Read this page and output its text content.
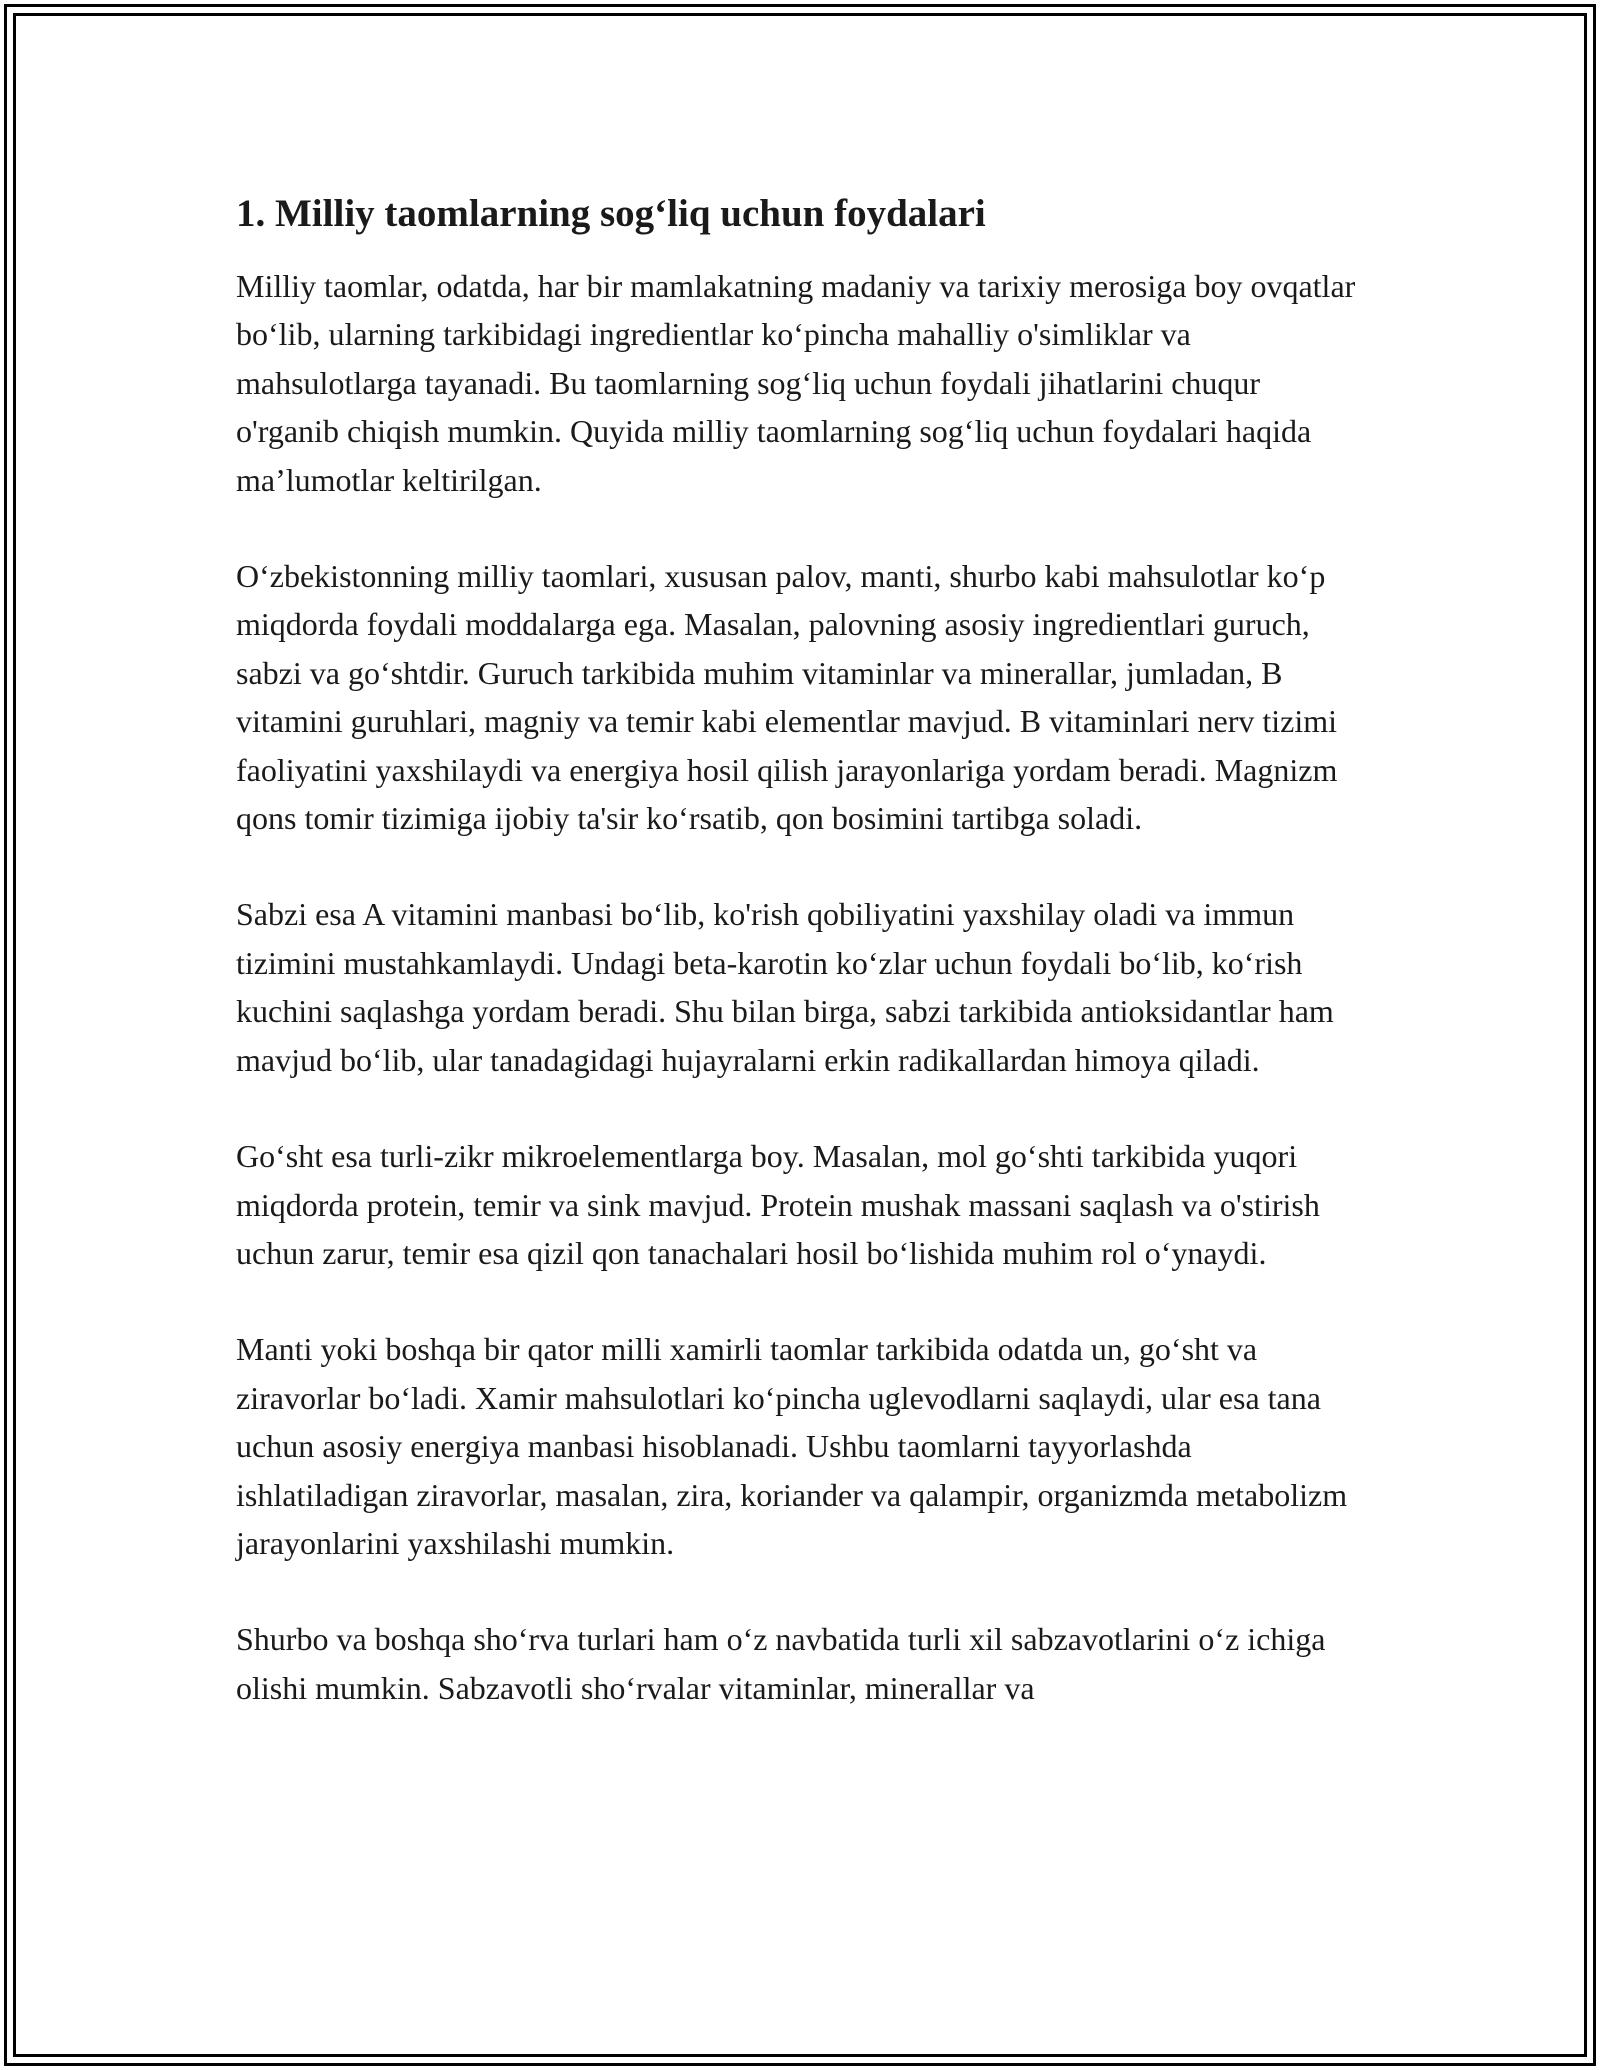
1. Milliy taomlarning sog‘liq uchun foydalari

Milliy taomlar, odatda, har bir mamlakatning madaniy va tarixiy merosiga boy ovqatlar bo‘lib, ularning tarkibidagi ingredientlar ko‘pincha mahalliy o'simliklar va mahsulotlarga tayanadi. Bu taomlarning sog‘liq uchun foydali jihatlarini chuqur o'rganib chiqish mumkin. Quyida milliy taomlarning sog‘liq uchun foydalari haqida ma’lumotlar keltirilgan.

O‘zbekistonning milliy taomlari, xususan palov, manti, shurbo kabi mahsulotlar ko‘p miqdorda foydali moddalarga ega. Masalan, palovning asosiy ingredientlari guruch, sabzi va go‘shtdir. Guruch tarkibida muhim vitaminlar va minerallar, jumladan, B vitamini guruhlari, magniy va temir kabi elementlar mavjud. B vitaminlari nerv tizimi faoliyatini yaxshilaydi va energiya hosil qilish jarayonlariga yordam beradi. Magnizm qons tomir tizimiga ijobiy ta'sir ko‘rsatib, qon bosimini tartibga soladi.

Sabzi esa A vitamini manbasi bo‘lib, ko'rish qobiliyatini yaxshilay oladi va immun tizimini mustahkamlaydi. Undagi beta-karotin ko‘zlar uchun foydali bo‘lib, ko‘rish kuchini saqlashga yordam beradi. Shu bilan birga, sabzi tarkibida antioksidantlar ham mavjud bo‘lib, ular tanadagidagi hujayralarni erkin radikallardan himoya qiladi.

Go‘sht esa turli-zikr mikroelementlarga boy. Masalan, mol go‘shti tarkibida yuqori miqdorda protein, temir va sink mavjud. Protein mushak massani saqlash va o'stirish uchun zarur, temir esa qizil qon tanachalari hosil bo‘lishida muhim rol o‘ynaydi.

Manti yoki boshqa bir qator milli xamirli taomlar tarkibida odatda un, go‘sht va ziravorlar bo‘ladi. Xamir mahsulotlari ko‘pincha uglevodlarni saqlaydi, ular esa tana uchun asosiy energiya manbasi hisoblanadi. Ushbu taomlarni tayyorlashda ishlatiladigan ziravorlar, masalan, zira, koriander va qalampir, organizmda metabolizm jarayonlarini yaxshilashi mumkin.

Shurbo va boshqa sho‘rva turlari ham o‘z navbatida turli xil sabzavotlarini o‘z ichiga olishi mumkin. Sabzavotli sho‘rvalar vitaminlar, minerallar va
